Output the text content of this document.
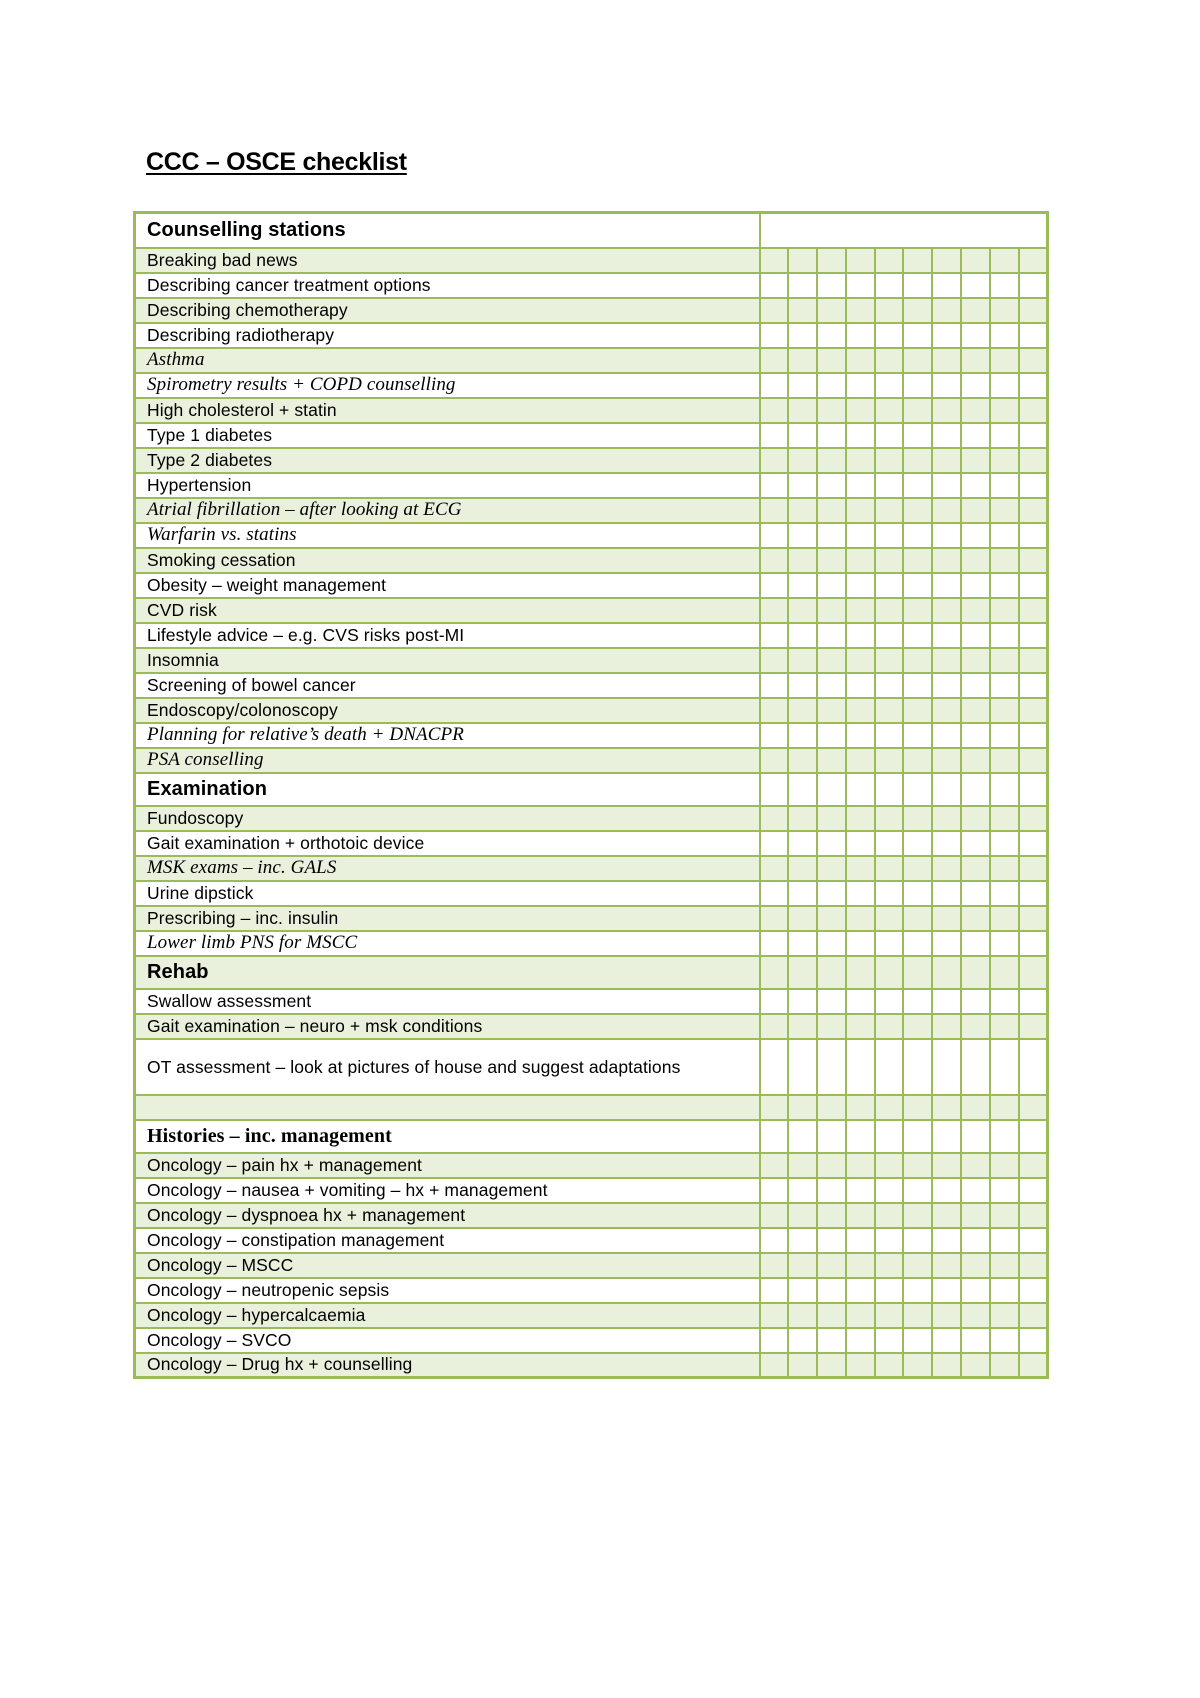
CCC – OSCE checklist
Counselling stations										
Breaking bad news										
Describing cancer treatment options										
Describing chemotherapy										
Describing radiotherapy										
Asthma										
Spirometry results + COPD counselling										
High cholesterol + statin										
Type 1 diabetes										
Type 2 diabetes										
Hypertension										
Atrial fibrillation – after looking at ECG										
Warfarin vs. statins										
Smoking cessation										
Obesity – weight management										
CVD risk										
Lifestyle advice – e.g. CVS risks post-MI										
Insomnia										
Screening of bowel cancer										
Endoscopy/colonoscopy										
Planning for relative’s death + DNACPR										
PSA conselling										
Examination										
Fundoscopy										
Gait examination + orthotoic device										
MSK exams – inc. GALS										
Urine dipstick										
Prescribing – inc. insulin										
Lower limb PNS for MSCC										
Rehab										
Swallow assessment										
Gait examination – neuro + msk conditions										
OT assessment – look at pictures of house and suggest adaptations										

Histories – inc. management										
Oncology – pain hx + management										
Oncology – nausea + vomiting – hx + management										
Oncology – dyspnoea hx + management										
Oncology – constipation management										
Oncology – MSCC										
Oncology – neutropenic sepsis										
Oncology – hypercalcaemia										
Oncology – SVCO										
Oncology – Drug hx + counselling										
